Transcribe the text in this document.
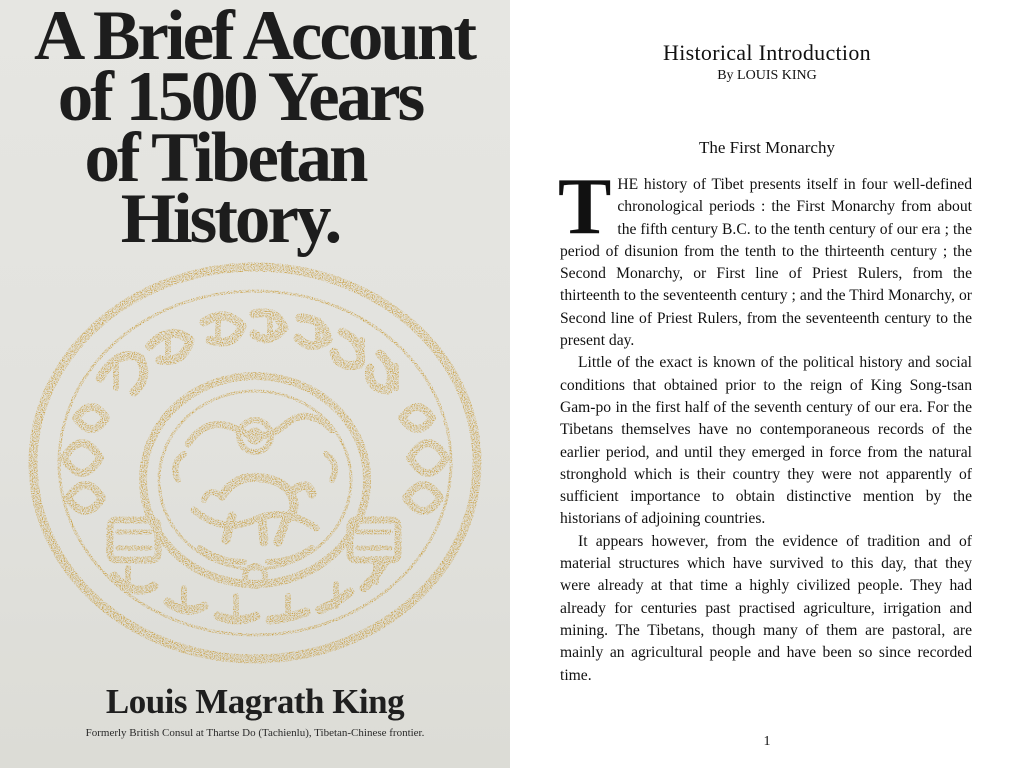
A Brief Account
of 1500 Years
of Tibetan
History.
Louis Magrath King

Formerly British Consul at Thartse Do (Tachienlu), Tibetan-Chinese frontier.

Historical Introduction

By LOUIS KING

The First Monarchy

THE history of Tibet presents itself in four well-defined chronological periods : the First Monarchy from about the fifth century B.C. to the tenth century of our era ; the period of disunion from the tenth to the thirteenth century ; the Second Monarchy, or First line of Priest Rulers, from the thirteenth to the seventeenth century ; and the Third Monarchy, or Second line of Priest Rulers, from the seventeenth century to the present day.

Little of the exact is known of the political history and social conditions that obtained prior to the reign of King Song-tsan Gam-po in the first half of the seventh century of our era. For the Tibetans themselves have no contemporaneous records of the earlier period, and until they emerged in force from the natural stronghold which is their country they were not apparently of sufficient importance to obtain distinctive mention by the historians of adjoining countries.

It appears however, from the evidence of tradition and of material structures which have survived to this day, that they were already at that time a highly civilized people. They had already for centuries past practised agriculture, irrigation and mining. The Tibetans, though many of them are pastoral, are mainly an agricultural people and have been so since recorded time.

1
